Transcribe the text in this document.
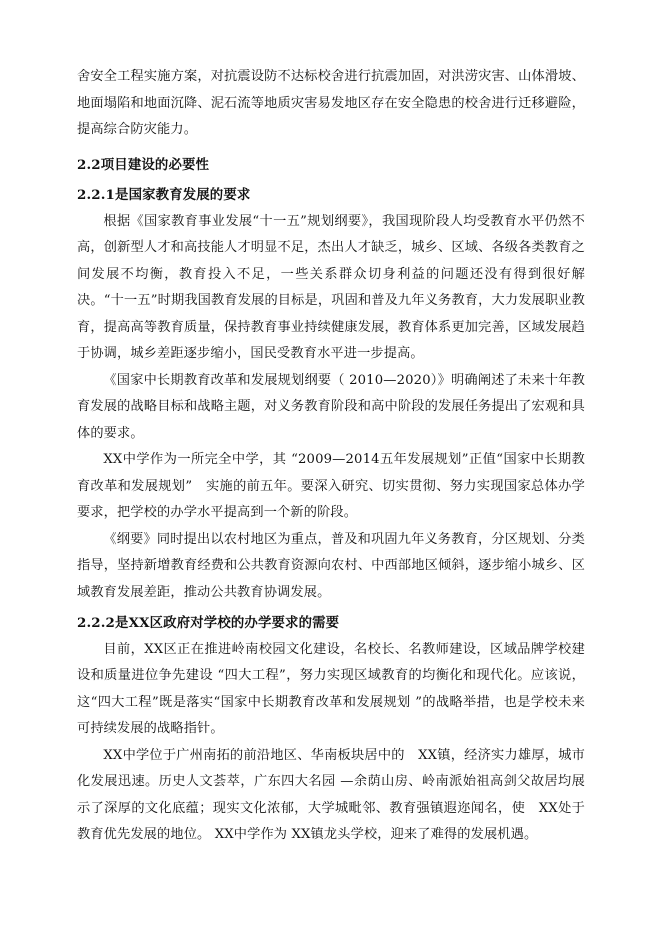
舍安全工程实施方案，对抗震设防不达标校舍进行抗震加固，对洪涝灾害、山体滑坡、地面塌陷和地面沉降、泥石流等地质灾害易发地区存在安全隐患的校舍进行迁移避险，提高综合防灾能力。

2.2项目建设的必要性
2.2.1是国家教育发展的要求

根据《国家教育事业发展“十一五”规划纲要》，我国现阶段人均受教育水平仍然不高，创新型人才和高技能人才明显不足，杰出人才缺乏，城乡、区域、各级各类教育之间发展不均衡，教育投入不足，一些关系群众切身利益的问题还没有得到很好解决。“十一五”时期我国教育发展的目标是，巩固和普及九年义务教育，大力发展职业教育，提高高等教育质量，保持教育事业持续健康发展，教育体系更加完善，区域发展趋于协调，城乡差距逐步缩小，国民受教育水平进一步提高。

《国家中长期教育改革和发展规划纲要（ 2010—2020）》明确阐述了未来十年教育发展的战略目标和战略主题，对义务教育阶段和高中阶段的发展任务提出了宏观和具体的要求。

XX中学作为一所完全中学，其 “2009—2014五年发展规划”正值“国家中长期教育改革和发展规划”　实施的前五年。要深入研究、切实贯彻、努力实现国家总体办学要求，把学校的办学水平提高到一个新的阶段。

《纲要》同时提出以农村地区为重点，普及和巩固九年义务教育，分区规划、分类指导，坚持新增教育经费和公共教育资源向农村、中西部地区倾斜，逐步缩小城乡、区域教育发展差距，推动公共教育协调发展。

2.2.2是XX区政府对学校的办学要求的需要

目前，XX区正在推进岭南校园文化建设，名校长、名教师建设，区域品牌学校建设和质量进位争先建设 “四大工程”，努力实现区域教育的均衡化和现代化。应该说，这“四大工程”既是落实“国家中长期教育改革和发展规划 ”的战略举措，也是学校未来可持续发展的战略指针。

XX中学位于广州南拓的前沿地区、华南板块居中的　XX镇，经济实力雄厚，城市化发展迅速。历史人文荟萃，广东四大名园 —余荫山房、岭南派始祖高剑父故居均展示了深厚的文化底蕴；现实文化浓郁，大学城毗邻、教育强镇遐迩闻名，使　XX处于教育优先发展的地位。 XX中学作为 XX镇龙头学校，迎来了难得的发展机遇。
